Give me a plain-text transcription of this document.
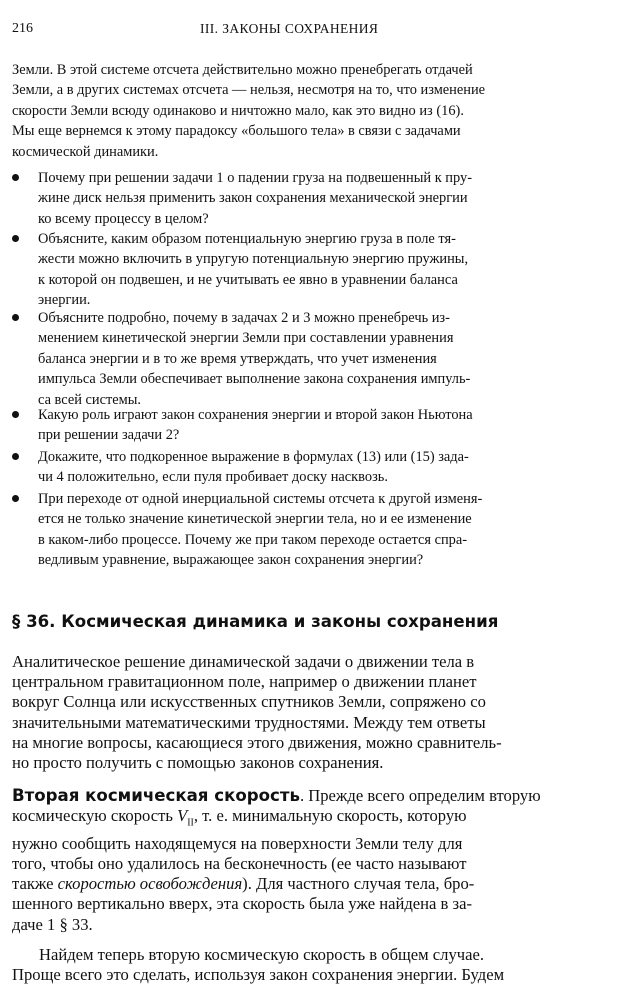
216	III. ЗАКОНЫ СОХРАНЕНИЯ

Земли. В этой системе отсчета действительно можно пренебрегать отдачей
Земли, а в других системах отсчета — нельзя, несмотря на то, что изменение
скорости Земли всюду одинаково и ничтожно мало, как это видно из (16).
Мы еще вернемся к этому парадоксу «большого тела» в связи с задачами
космической динамики.

Почему при решении задачи 1 о падении груза на подвешенный к пру-
жине диск нельзя применить закон сохранения механической энергии
ко всему процессу в целом?

Объясните, каким образом потенциальную энергию груза в поле тя-
жести можно включить в упругую потенциальную энергию пружины,
к которой он подвешен, и не учитывать ее явно в уравнении баланса
энергии.

Объясните подробно, почему в задачах 2 и 3 можно пренебречь из-
менением кинетической энергии Земли при составлении уравнения
баланса энергии и в то же время утверждать, что учет изменения
импульса Земли обеспечивает выполнение закона сохранения импуль-
са всей системы.

Какую роль играют закон сохранения энергии и второй закон Ньютона
при решении задачи 2?

Докажите, что подкоренное выражение в формулах (13) или (15) зада-
чи 4 положительно, если пуля пробивает доску насквозь.

При переходе от одной инерциальной системы отсчета к другой изменя-
ется не только значение кинетической энергии тела, но и ее изменение
в каком-либо процессе. Почему же при таком переходе остается спра-
ведливым уравнение, выражающее закон сохранения энергии?

§ 36. Космическая динамика и законы сохранения

Аналитическое решение динамической задачи о движении тела в
центральном гравитационном поле, например о движении планет
вокруг Солнца или искусственных спутников Земли, сопряжено со
значительными математическими трудностями. Между тем ответы
на многие вопросы, касающиеся этого движения, можно сравнитель-
но просто получить с помощью законов сохранения.

Вторая космическая скорость. Прежде всего определим вторую
космическую скорость $V_{II}$, т. е. минимальную скорость, которую
нужно сообщить находящемуся на поверхности Земли телу для
того, чтобы оно удалилось на бесконечность (ее часто называют
также скоростью освобождения). Для частного случая тела, бро-
шенного вертикально вверх, эта скорость была уже найдена в за-
даче 1 § 33.

Найдем теперь вторую космическую скорость в общем случае.
Проще всего это сделать, используя закон сохранения энергии. Будем
